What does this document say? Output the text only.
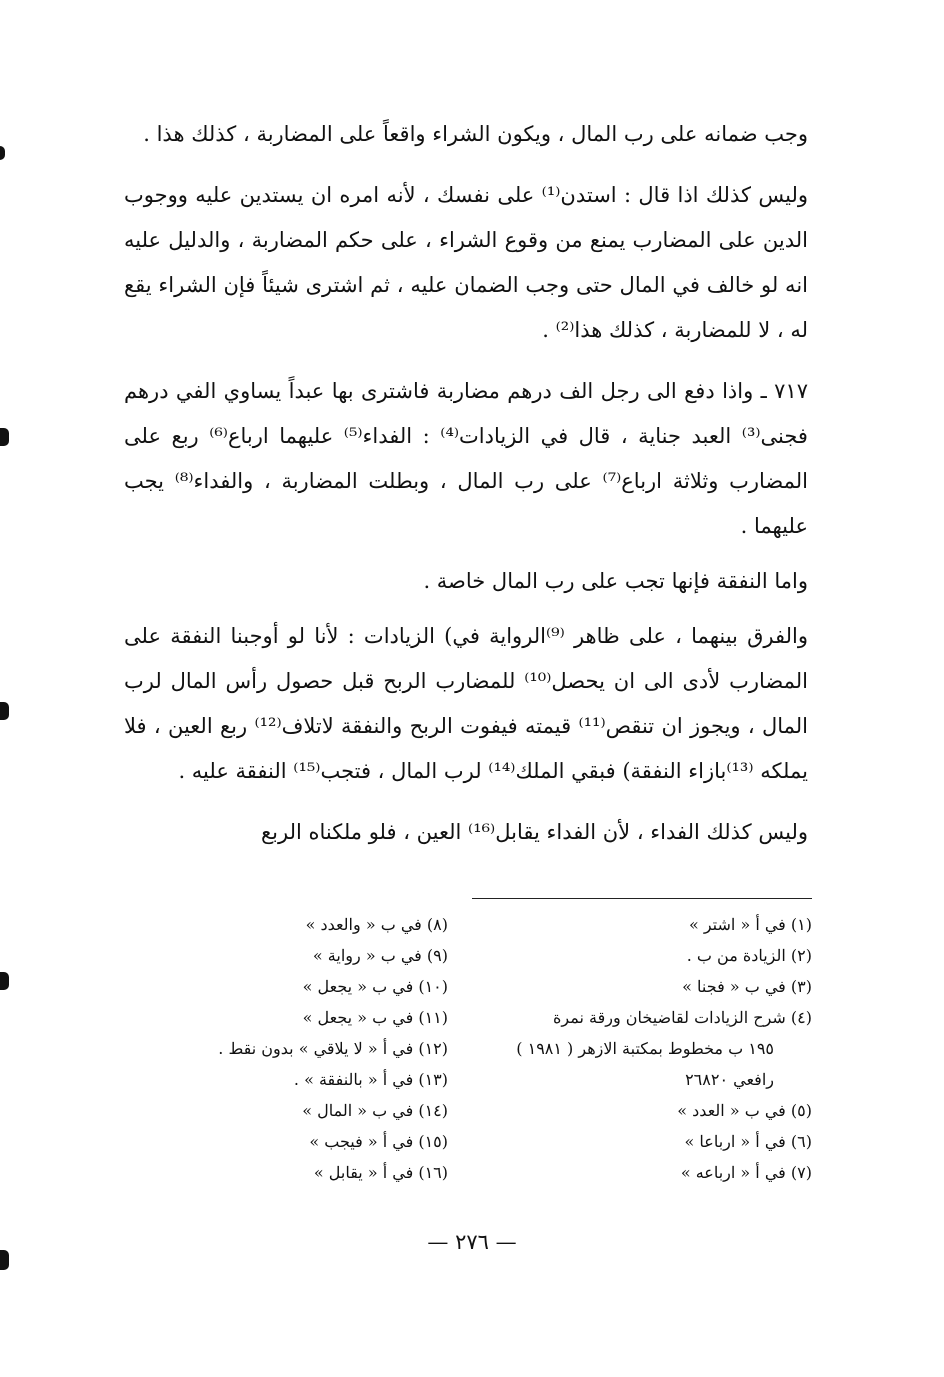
وجب ضمانه على رب المال ، ويكون الشراء واقعاً على المضاربة ، كذلك هذا .

وليس كذلك اذا قال : استدن⁽¹⁾ على نفسك ، لأنه امره ان يستدين عليه ووجوب الدين على المضارب يمنع من وقوع الشراء ، على حكم المضاربة ، والدليل عليه انه لو خالف في المال حتى وجب الضمان عليه ، ثم اشترى شيئاً فإن الشراء يقع له ، لا للمضاربة ، كذلك هذا⁽²⁾ .

٧١٧ ـ واذا دفع الى رجل الف درهم مضاربة فاشترى بها عبداً يساوي الفي درهم فجنى⁽³⁾ العبد جناية ، قال في الزيادات⁽⁴⁾ : الفداء⁽⁵⁾ عليهما ارباع⁽⁶⁾ ربع على المضارب وثلاثة ارباع⁽⁷⁾ على رب المال ، وبطلت المضاربة ، والفداء⁽⁸⁾ يجب عليهما .

واما النفقة فإنها تجب على رب المال خاصة .

والفرق بينهما ، على ظاهر ⁽⁹⁾الرواية في) الزيادات : لأنا لو أوجبنا النفقة على المضارب لأدى الى ان يحصل⁽¹⁰⁾ للمضارب الربح قبل حصول رأس المال لرب المال ، ويجوز ان تنقص⁽¹¹⁾ قيمته فيفوت الربح والنفقة لاتلاف⁽¹²⁾ ربع العين ، فلا يملكه ⁽¹³⁾بازاء النفقة) فبقي الملك⁽¹⁴⁾ لرب المال ، فتجب⁽¹⁵⁾ النفقة عليه .

وليس كذلك الفداء ، لأن الفداء يقابل⁽¹⁶⁾ العين ، فلو ملكناه الربع

(١) في أ « اشتر »
(٢) الزيادة من ب .
(٣) في ب « فجنا »
(٤) شرح الزيادات لقاضيخان ورقة نمرة
١٩٥ ب مخطوط بمكتبة الازهر ( ١٩٨١ )
رافعي ٢٦٨٢٠
(٥) في ب « العدد »
(٦) في أ « ارباعا »
(٧) في أ « ارباعه »
(٨) في ب « والعدد »
(٩) في ب « رواية »
(١٠) في ب « يجعل »
(١١) في ب « يجعل »
(١٢) في أ « لا يلاقي » بدون نقط .
(١٣) في أ « بالنفقة » .
(١٤) في ب « المال »
(١٥) في أ « فيجب »
(١٦) في أ « يقابل »
— ٢٧٦ —
